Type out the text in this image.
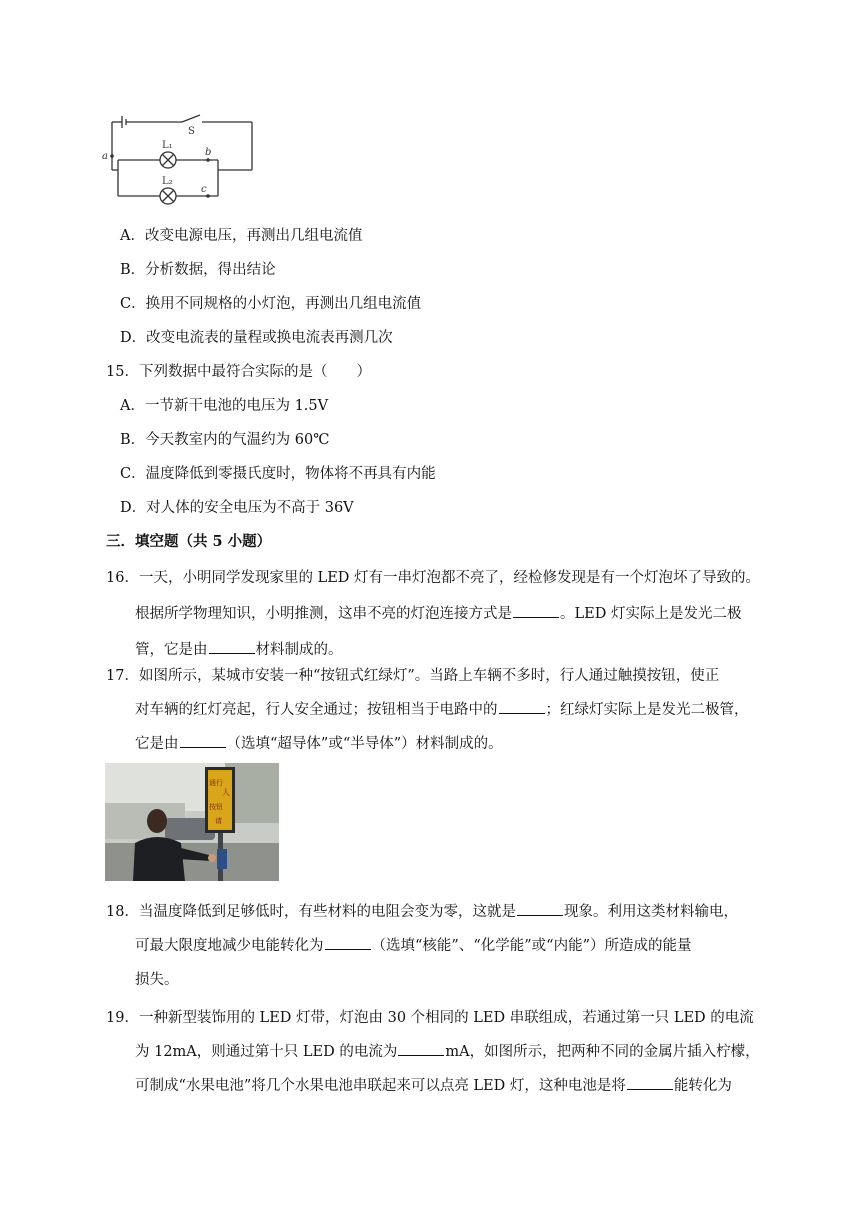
S
L₁
L₂
a	b
c
A．改变电源电压，再测出几组电流值
B．分析数据，得出结论
C．换用不同规格的小灯泡，再测出几组电流值
D．改变电流表的量程或换电流表再测几次
15．下列数据中最符合实际的是（　　）
A．一节新干电池的电压为 1.5V
B．今天教室内的气温约为 60℃
C．温度降低到零摄氏度时，物体将不再具有内能
D．对人体的安全电压为不高于 36V
三．填空题（共 5 小题）
16．一天，小明同学发现家里的 LED 灯有一串灯泡都不亮了，经检修发现是有一个灯泡坏了导致的。
根据所学物理知识，小明推测，这串不亮的灯泡连接方式是	。LED 灯实际上是发光二极
管，它是由	材料制成的。
17．如图所示，某城市安装一种“按钮式红绿灯”。当路上车辆不多时，行人通过触摸按钮，使正
对车辆的红灯亮起，行人安全通过；按钮相当于电路中的	；红绿灯实际上是发光二极管，
它是由	（选填“超导体”或“半导体”）材料制成的。
通行
人
按钮
请
18．当温度降低到足够低时，有些材料的电阻会变为零，这就是	现象。利用这类材料输电，
可最大限度地减少电能转化为	（选填“核能”、“化学能”或“内能”）所造成的能量
损失。
19．一种新型装饰用的 LED 灯带，灯泡由 30 个相同的 LED 串联组成，若通过第一只 LED 的电流
为 12mA，则通过第十只 LED 的电流为	mA，如图所示，把两种不同的金属片插入柠檬，
可制成“水果电池”将几个水果电池串联起来可以点亮 LED 灯，这种电池是将	能转化为
